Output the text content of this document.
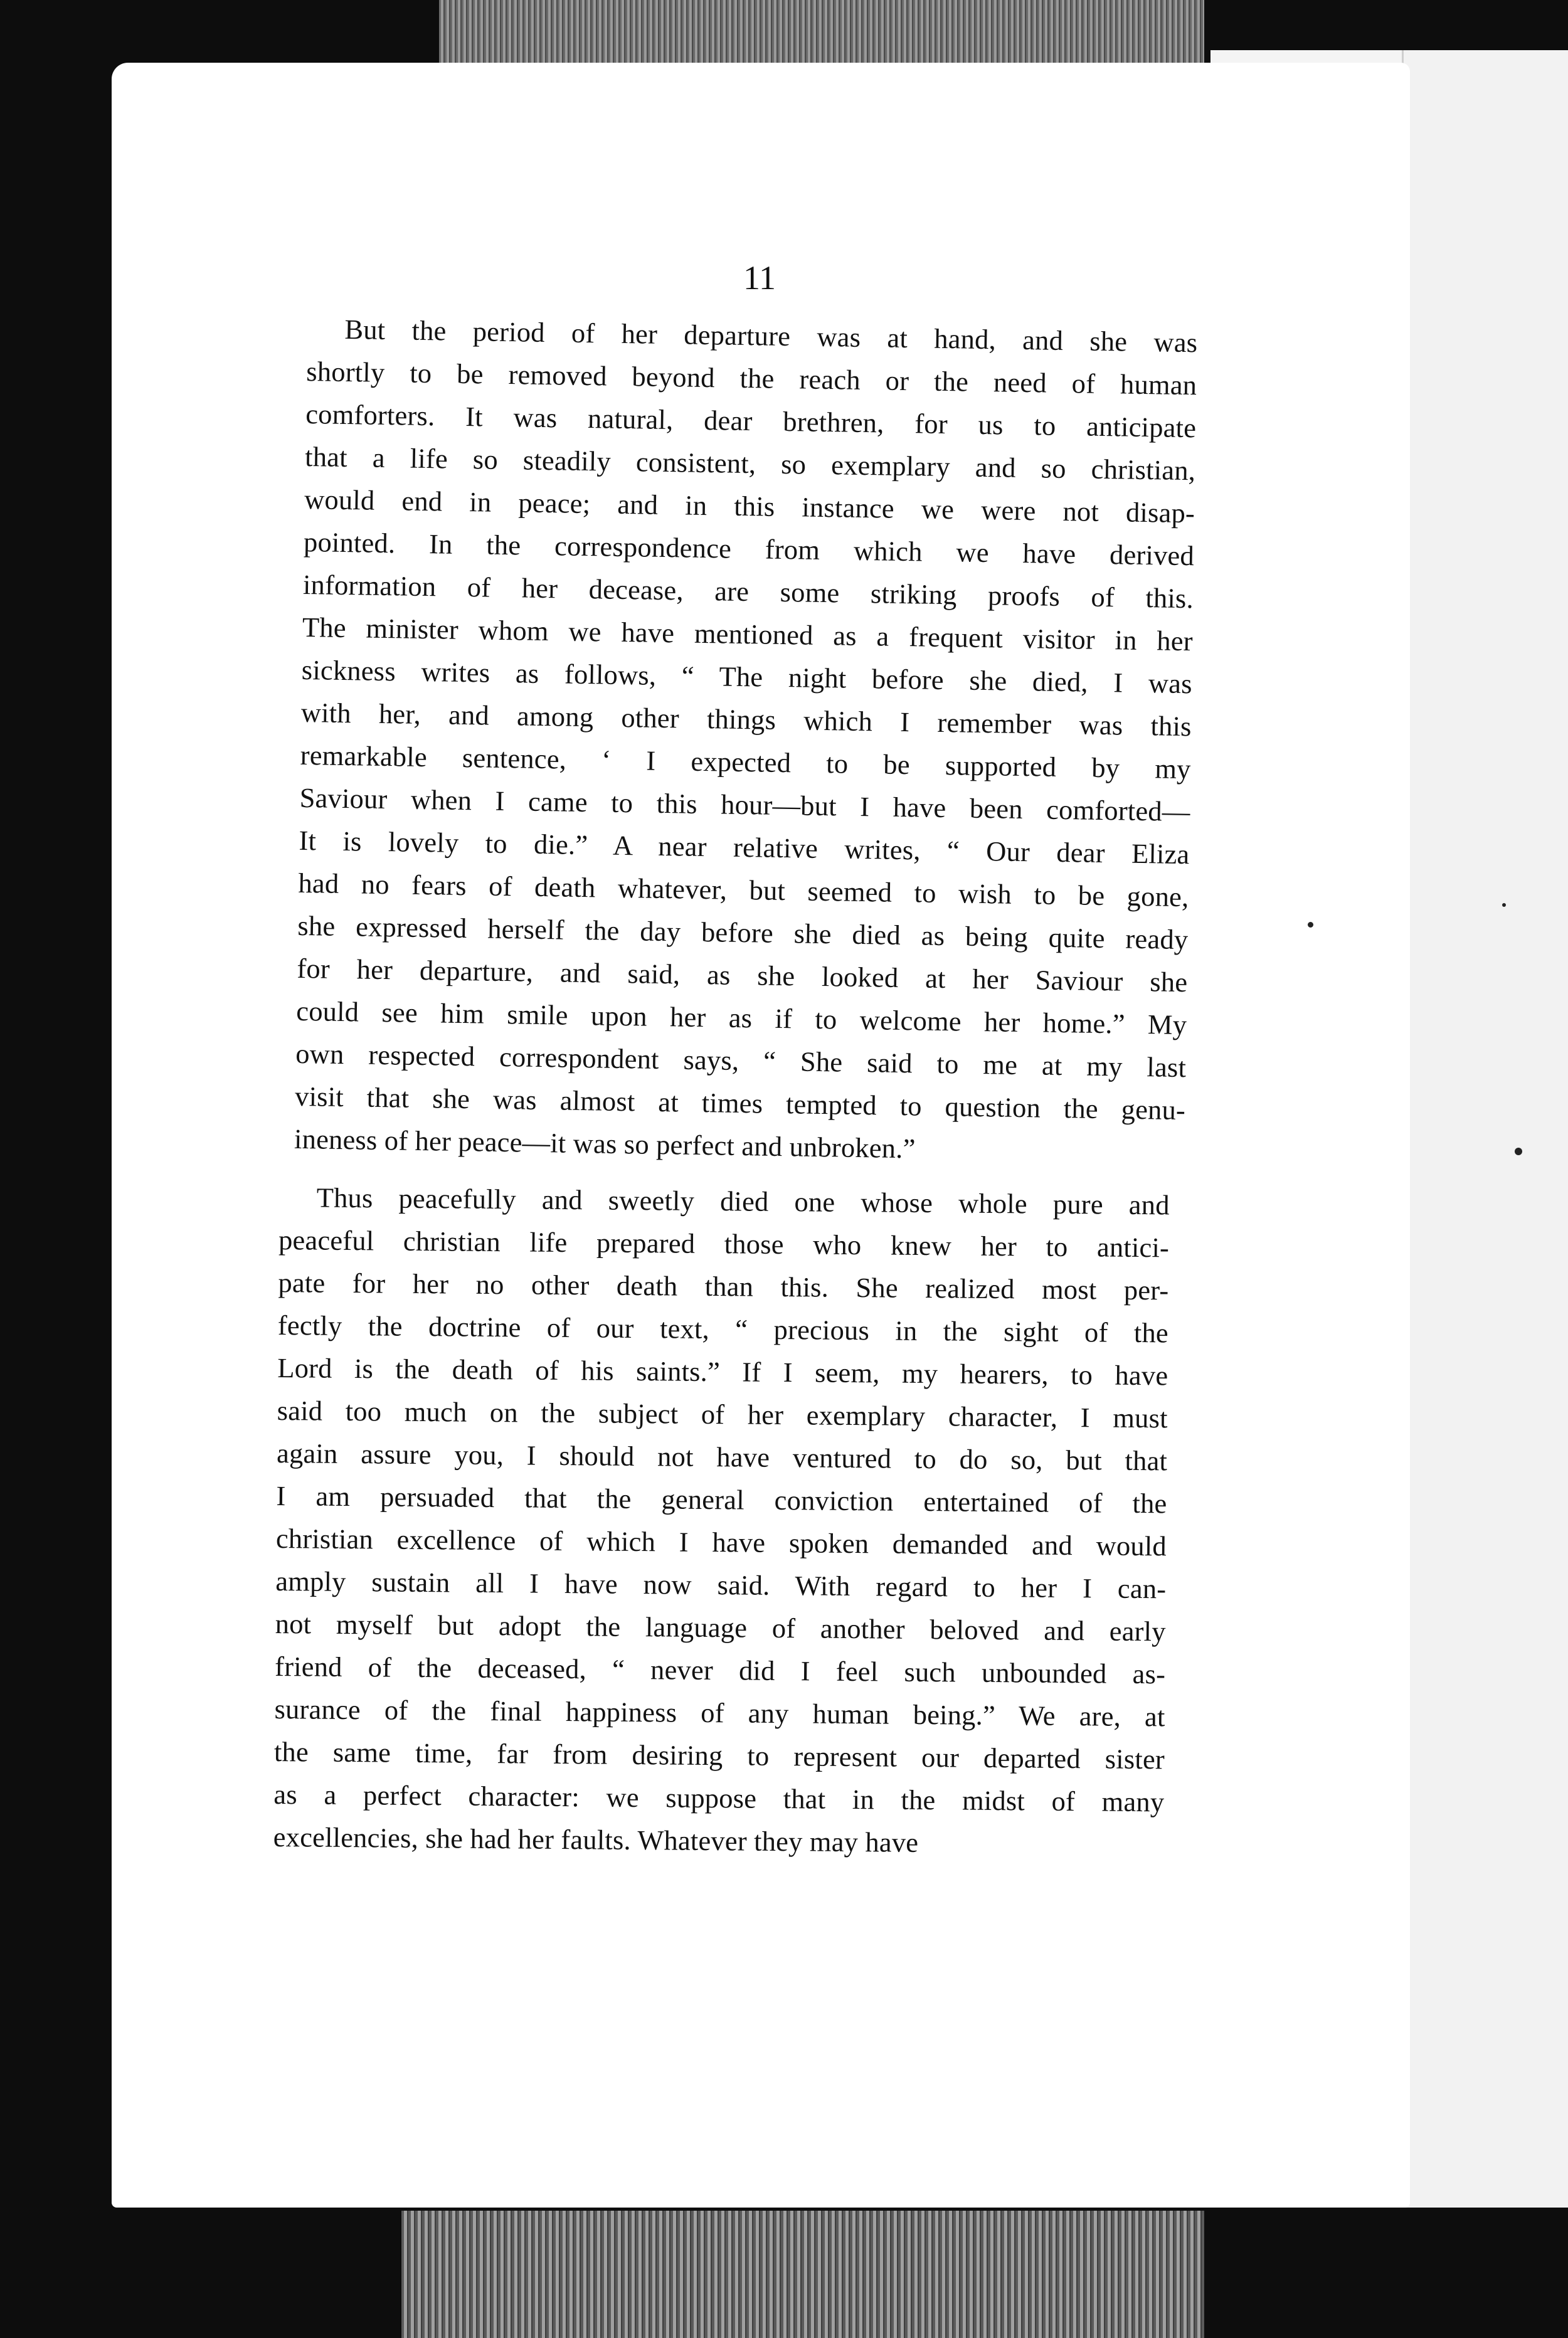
11
But the period of her departure was at hand, and she was
shortly to be removed beyond the reach or the need of human
comforters. It was natural, dear brethren, for us to anticipate
that a life so steadily consistent, so exemplary and so christian,
would end in peace; and in this instance we were not disap-
pointed. In the correspondence from which we have derived
information of her decease, are some striking proofs of this.
The minister whom we have mentioned as a frequent visitor in her
sickness writes as follows, “ The night before she died, I was
with her, and among other things which I remember was this
remarkable sentence, ‘ I expected to be supported by my
Saviour when I came to this hour—but I have been comforted—
It is lovely to die.” A near relative writes, “ Our dear Eliza
had no fears of death whatever, but seemed to wish to be gone,
she expressed herself the day before she died as being quite ready
for her departure, and said, as she looked at her Saviour she
could see him smile upon her as if to welcome her home.” My
own respected correspondent says, “ She said to me at my last
visit that she was almost at times tempted to question the genu-
ineness of her peace—it was so perfect and unbroken.”
Thus peacefully and sweetly died one whose whole pure and
peaceful christian life prepared those who knew her to antici-
pate for her no other death than this. She realized most per-
fectly the doctrine of our text, “ precious in the sight of the
Lord is the death of his saints.” If I seem, my hearers, to have
said too much on the subject of her exemplary character, I must
again assure you, I should not have ventured to do so, but that
I am persuaded that the general conviction entertained of the
christian excellence of which I have spoken demanded and would
amply sustain all I have now said. With regard to her I can-
not myself but adopt the language of another beloved and early
friend of the deceased, “ never did I feel such unbounded as-
surance of the final happiness of any human being.” We are, at
the same time, far from desiring to represent our departed sister
as a perfect character: we suppose that in the midst of many
excellencies, she had her faults. Whatever they may have
